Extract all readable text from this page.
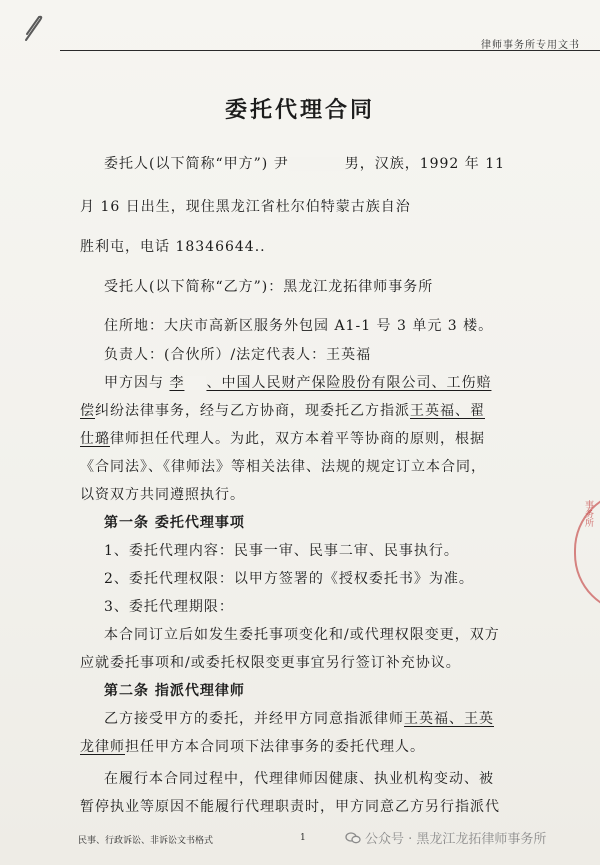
律师事务所专用文书
委托代理合同
委托人(以下简称“甲方”) 尹	男，汉族，1992 年 11
月 16 日出生，现住黑龙江省杜尔伯特蒙古族自治
胜利屯，电话 18346644..
受托人(以下简称“乙方”)：黑龙江龙拓律师事务所
住所地：大庆市高新区服务外包园 A1-1 号 3 单元 3 楼。
负责人：(合伙所）/法定代表人：王英福
甲方因与 李 、中国人民财产保险股份有限公司、工伤赔
偿纠纷法律事务，经与乙方协商，现委托乙方指派王英福、翟
仕璐律师担任代理人。为此，双方本着平等协商的原则，根据
《合同法》、《律师法》等相关法律、法规的规定订立本合同，
以资双方共同遵照执行。
第一条 委托代理事项
1、委托代理内容：民事一审、民事二审、民事执行。
2、委托代理权限：以甲方签署的《授权委托书》为准。
3、委托代理期限：
本合同订立后如发生委托事项变化和/或代理权限变更，双方
应就委托事项和/或委托权限变更事宜另行签订补充协议。
第二条 指派代理律师
乙方接受甲方的委托，并经甲方同意指派律师王英福、王英
龙律师担任甲方本合同项下法律事务的委托代理人。
在履行本合同过程中，代理律师因健康、执业机构变动、被
暂停执业等原因不能履行代理职责时，甲方同意乙方另行指派代
事务所
民事、行政诉讼、非诉讼文书格式	1	公众号 · 黑龙江龙拓律师事务所
